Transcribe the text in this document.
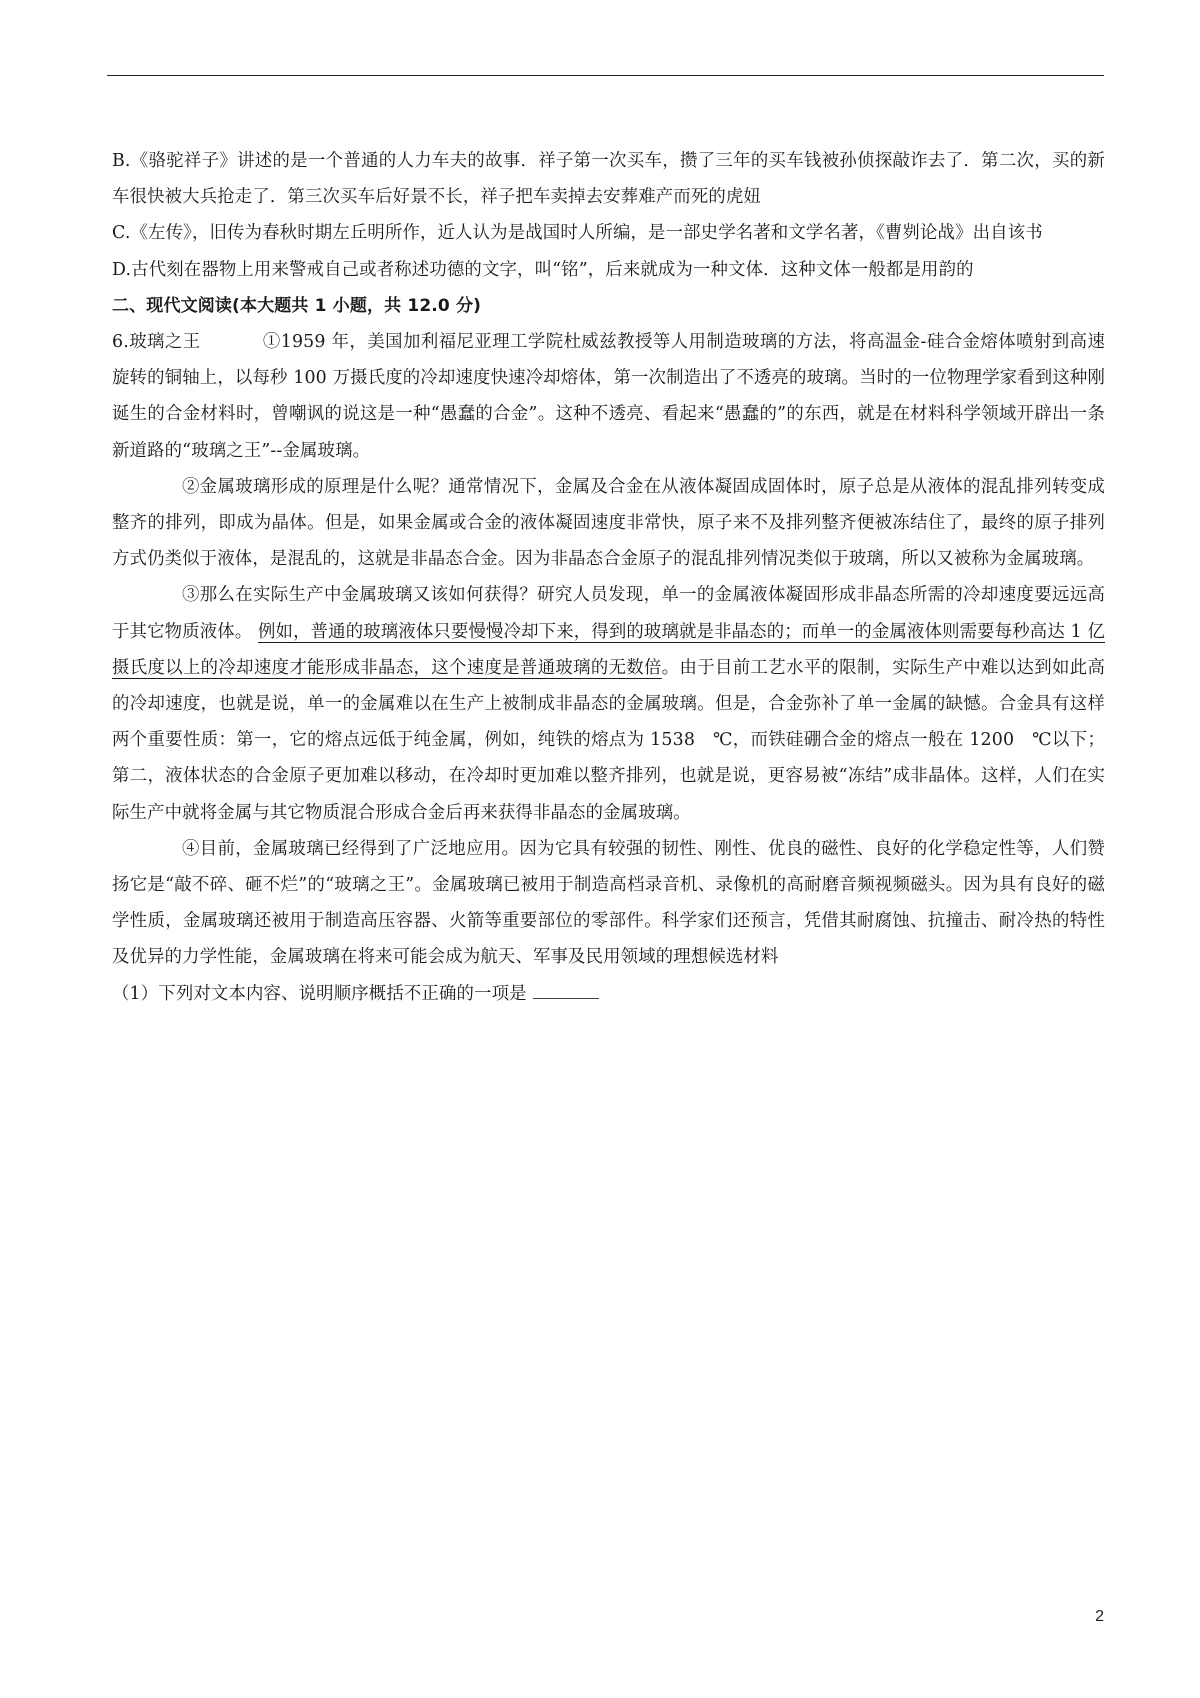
B.《骆驼祥子》讲述的是一个普通的人力车夫的故事．祥子第一次买车，攒了三年的买车钱被孙侦探敲诈去了．第二次，买的新车很快被大兵抢走了．第三次买车后好景不长，祥子把车卖掉去安葬难产而死的虎妞

C.《左传》，旧传为春秋时期左丘明所作，近人认为是战国时人所编，是一部史学名著和文学名著，《曹刿论战》出自该书

D.古代刻在器物上用来警戒自己或者称述功德的文字，叫“铭”，后来就成为一种文体．这种文体一般都是用韵的

二、现代文阅读(本大题共 1 小题，共 12.0 分)

6.玻璃之王	①1959 年，美国加利福尼亚理工学院杜威兹教授等人用制造玻璃的方法，将高温金-硅合金熔体喷射到高速旋转的铜轴上，以每秒 100 万摄氏度的冷却速度快速冷却熔体，第一次制造出了不透亮的玻璃。当时的一位物理学家看到这种刚诞生的合金材料时，曾嘲讽的说这是一种“愚蠢的合金”。这种不透亮、看起来“愚蠢的”的东西，就是在材料科学领域开辟出一条新道路的“玻璃之王”--金属玻璃。

②金属玻璃形成的原理是什么呢？通常情况下，金属及合金在从液体凝固成固体时，原子总是从液体的混乱排列转变成整齐的排列，即成为晶体。但是，如果金属或合金的液体凝固速度非常快，原子来不及排列整齐便被冻结住了，最终的原子排列方式仍类似于液体，是混乱的，这就是非晶态合金。因为非晶态合金原子的混乱排列情况类似于玻璃，所以又被称为金属玻璃。

③那么在实际生产中金属玻璃又该如何获得？研究人员发现，单一的金属液体凝固形成非晶态所需的冷却速度要远远高于其它物质液体。 例如，普通的玻璃液体只要慢慢冷却下来，得到的玻璃就是非晶态的；而单一的金属液体则需要每秒高达 1 亿摄氏度以上的冷却速度才能形成非晶态，这个速度是普通玻璃的无数倍。由于目前工艺水平的限制，实际生产中难以达到如此高的冷却速度，也就是说，单一的金属难以在生产上被制成非晶态的金属玻璃。但是，合金弥补了单一金属的缺憾。合金具有这样两个重要性质：第一，它的熔点远低于纯金属，例如，纯铁的熔点为 1538　℃，而铁硅硼合金的熔点一般在 1200　℃以下；第二，液体状态的合金原子更加难以移动，在冷却时更加难以整齐排列，也就是说，更容易被“冻结”成非晶体。这样，人们在实际生产中就将金属与其它物质混合形成合金后再来获得非晶态的金属玻璃。

④目前，金属玻璃已经得到了广泛地应用。因为它具有较强的韧性、刚性、优良的磁性、良好的化学稳定性等，人们赞扬它是“敲不碎、砸不烂”的“玻璃之王”。金属玻璃已被用于制造高档录音机、录像机的高耐磨音频视频磁头。因为具有良好的磁学性质，金属玻璃还被用于制造高压容器、火箭等重要部位的零部件。科学家们还预言，凭借其耐腐蚀、抗撞击、耐冷热的特性及优异的力学性能，金属玻璃在将来可能会成为航天、军事及民用领域的理想候选材料

（1）下列对文本内容、说明顺序概括不正确的一项是

2
